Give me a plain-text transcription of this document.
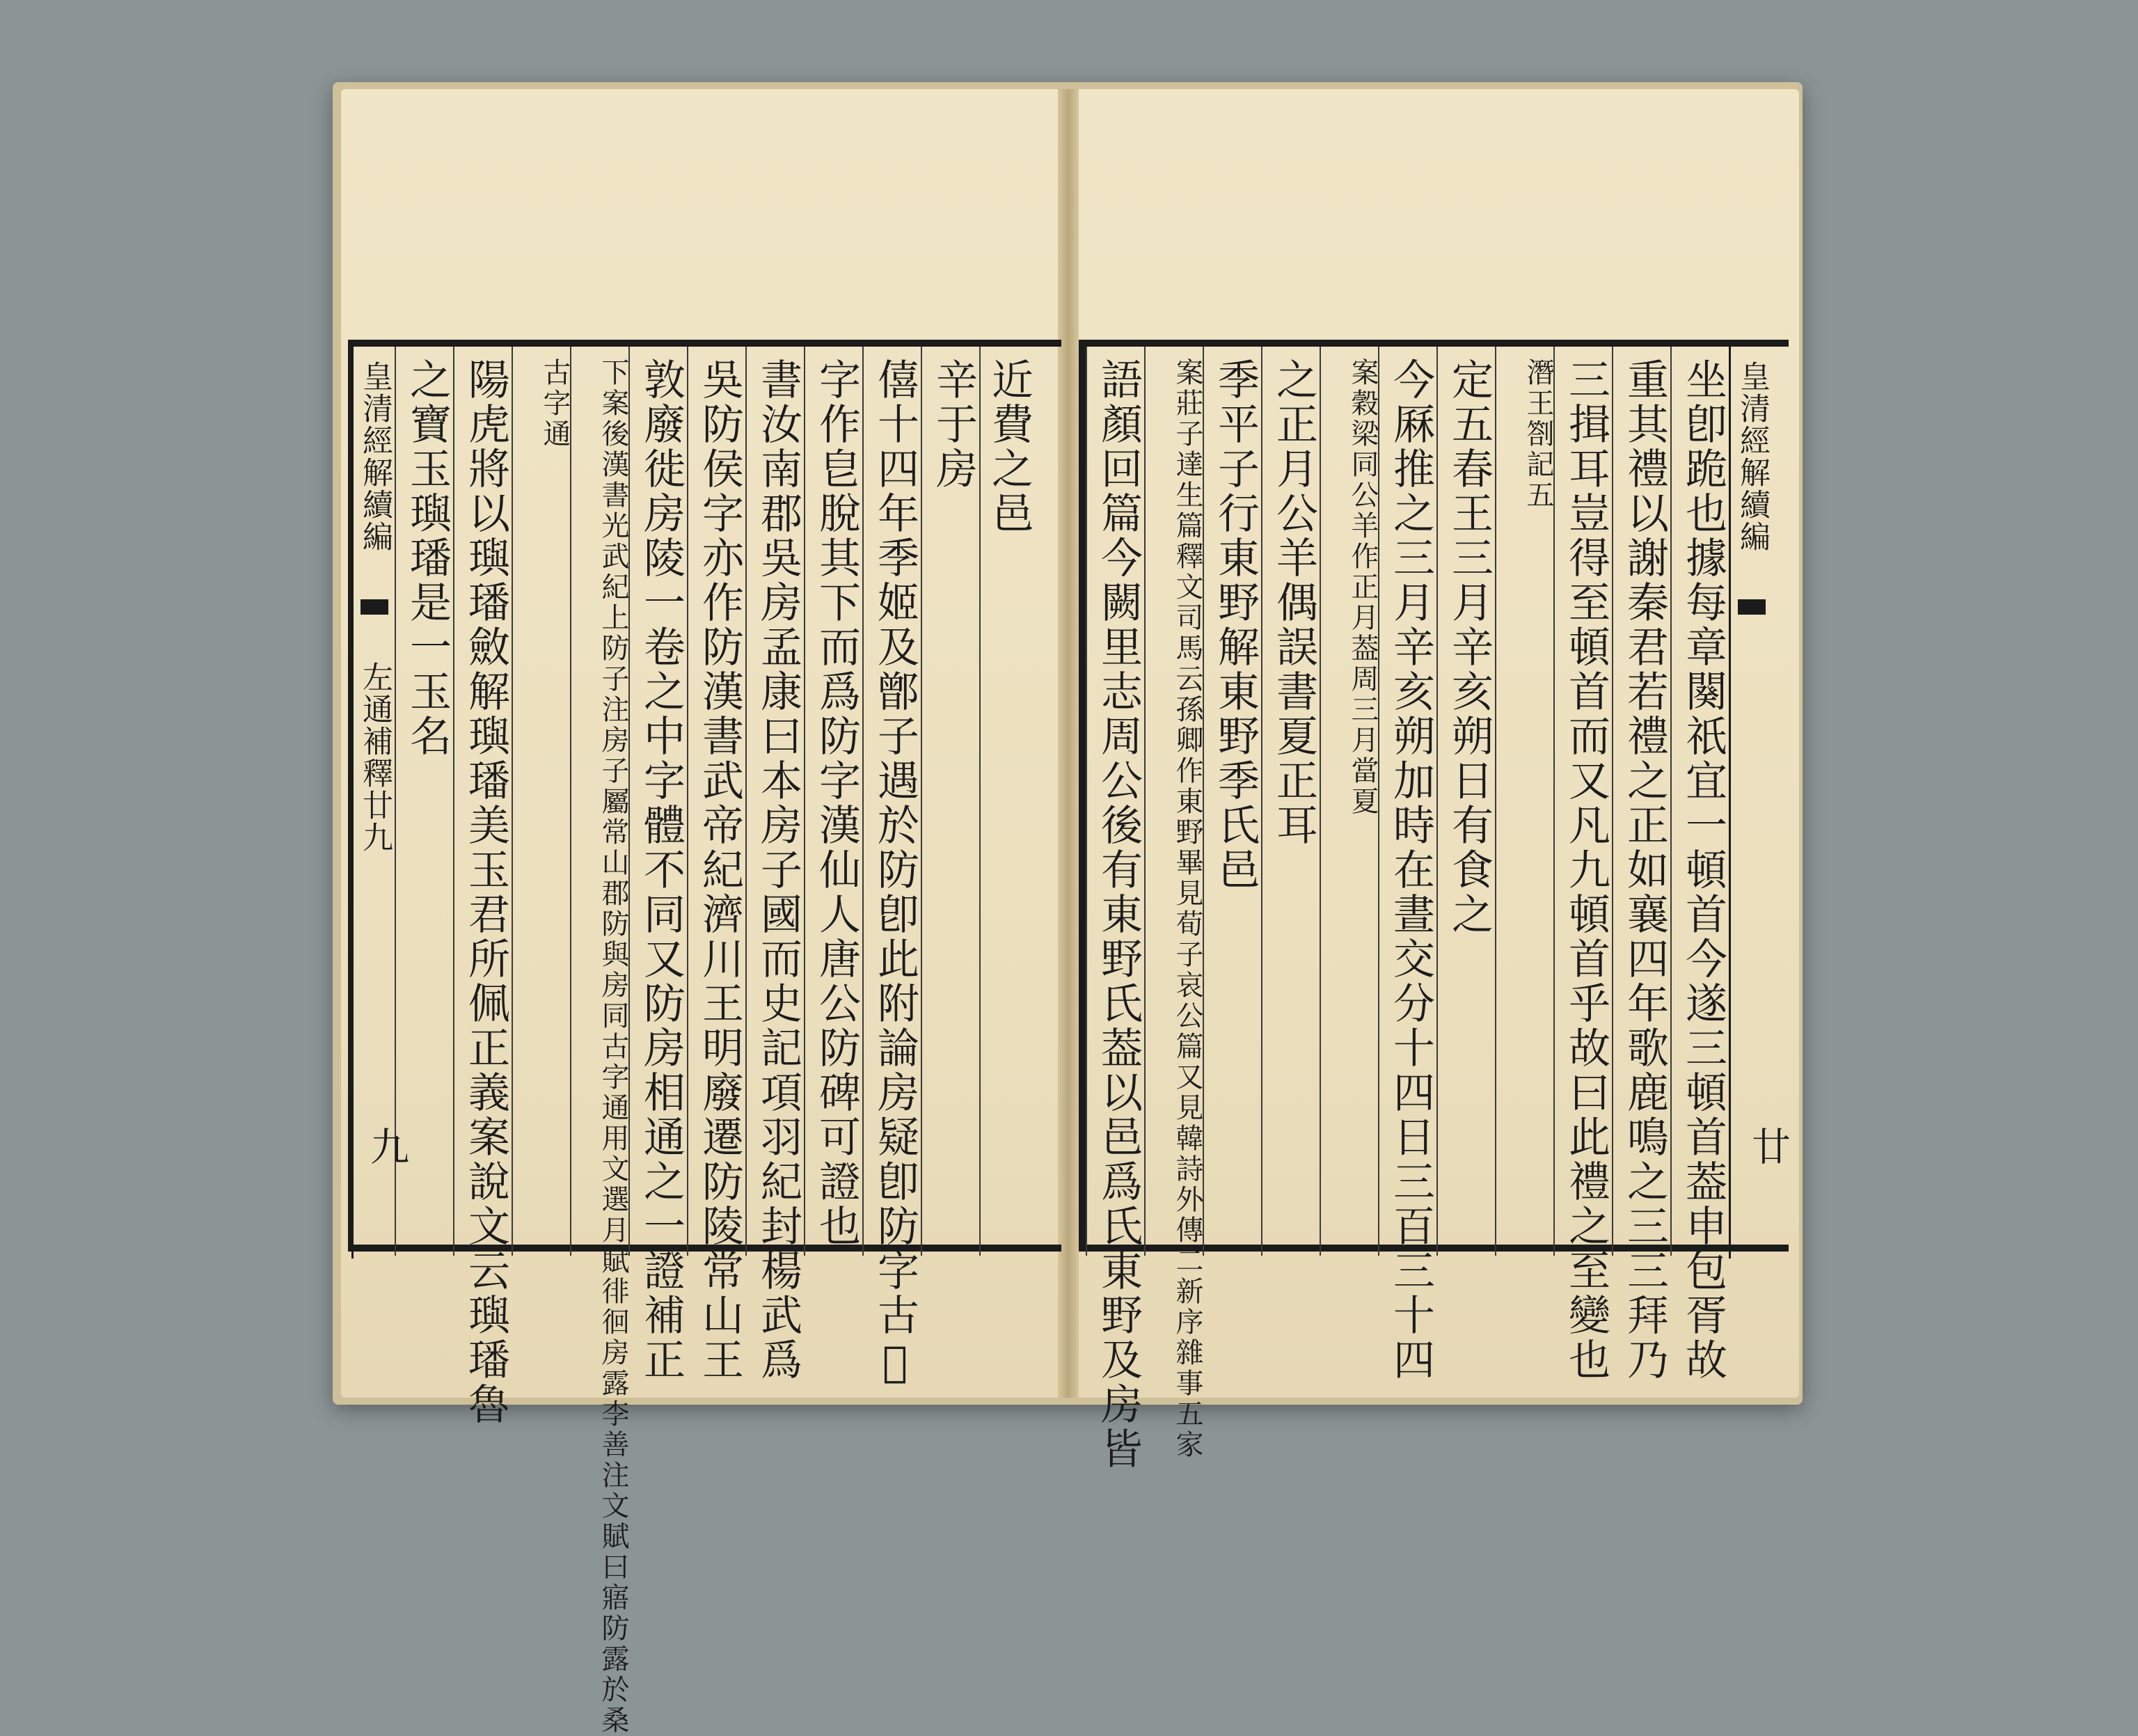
皇清經解續編  左通補釋廿九 之寶玉璵璠是一玉名 陽虎將以璵璠斂解璵璠美玉君所佩正義案說文云璵璠魯	古字通 下案後漢書光武紀上防子注房子屬常山郡防與房同古字通用文選月賦徘徊房露李善注文賦曰寤防露於桑 敦廢徙房陵一卷之中字體不同又防房相通之一證補正 吳防侯字亦作防漢書武帝紀濟川王明廢遷防陵常山王 書汝南郡吳房孟康曰本房子國而史記項羽紀封楊武爲 字作皀脫其下而爲防字漢仙人唐公防碑可證也 僖十四年季姬及鄫子遇於防卽此附論房疑卽防字古𠀉 辛于房 近費之邑
九	語顏回篇今闕里志周公後有東野氏葢以邑爲氏東野及房皆	案莊子達生篇釋文司馬云孫卿作東野畢見荀子哀公篇又見韓詩外傳二新序雜事五家 季平子行東野解東野季氏邑 之正月公羊偶誤書夏正耳	案穀梁同公羊作正月葢周三月當夏 今厤推之三月辛亥朔加時在晝交分十四日三百三十四 定五春王三月辛亥朔日有食之	潛王劄記五 三揖耳豈得至頓首而又凡九頓首乎故曰此禮之至變也 重其禮以謝秦君若禮之正如襄四年歌鹿鳴之三三拜乃 坐卽跪也據每章闋祇宜一頓首今遂三頓首葢申包胥故 皇清經解續編
廿
